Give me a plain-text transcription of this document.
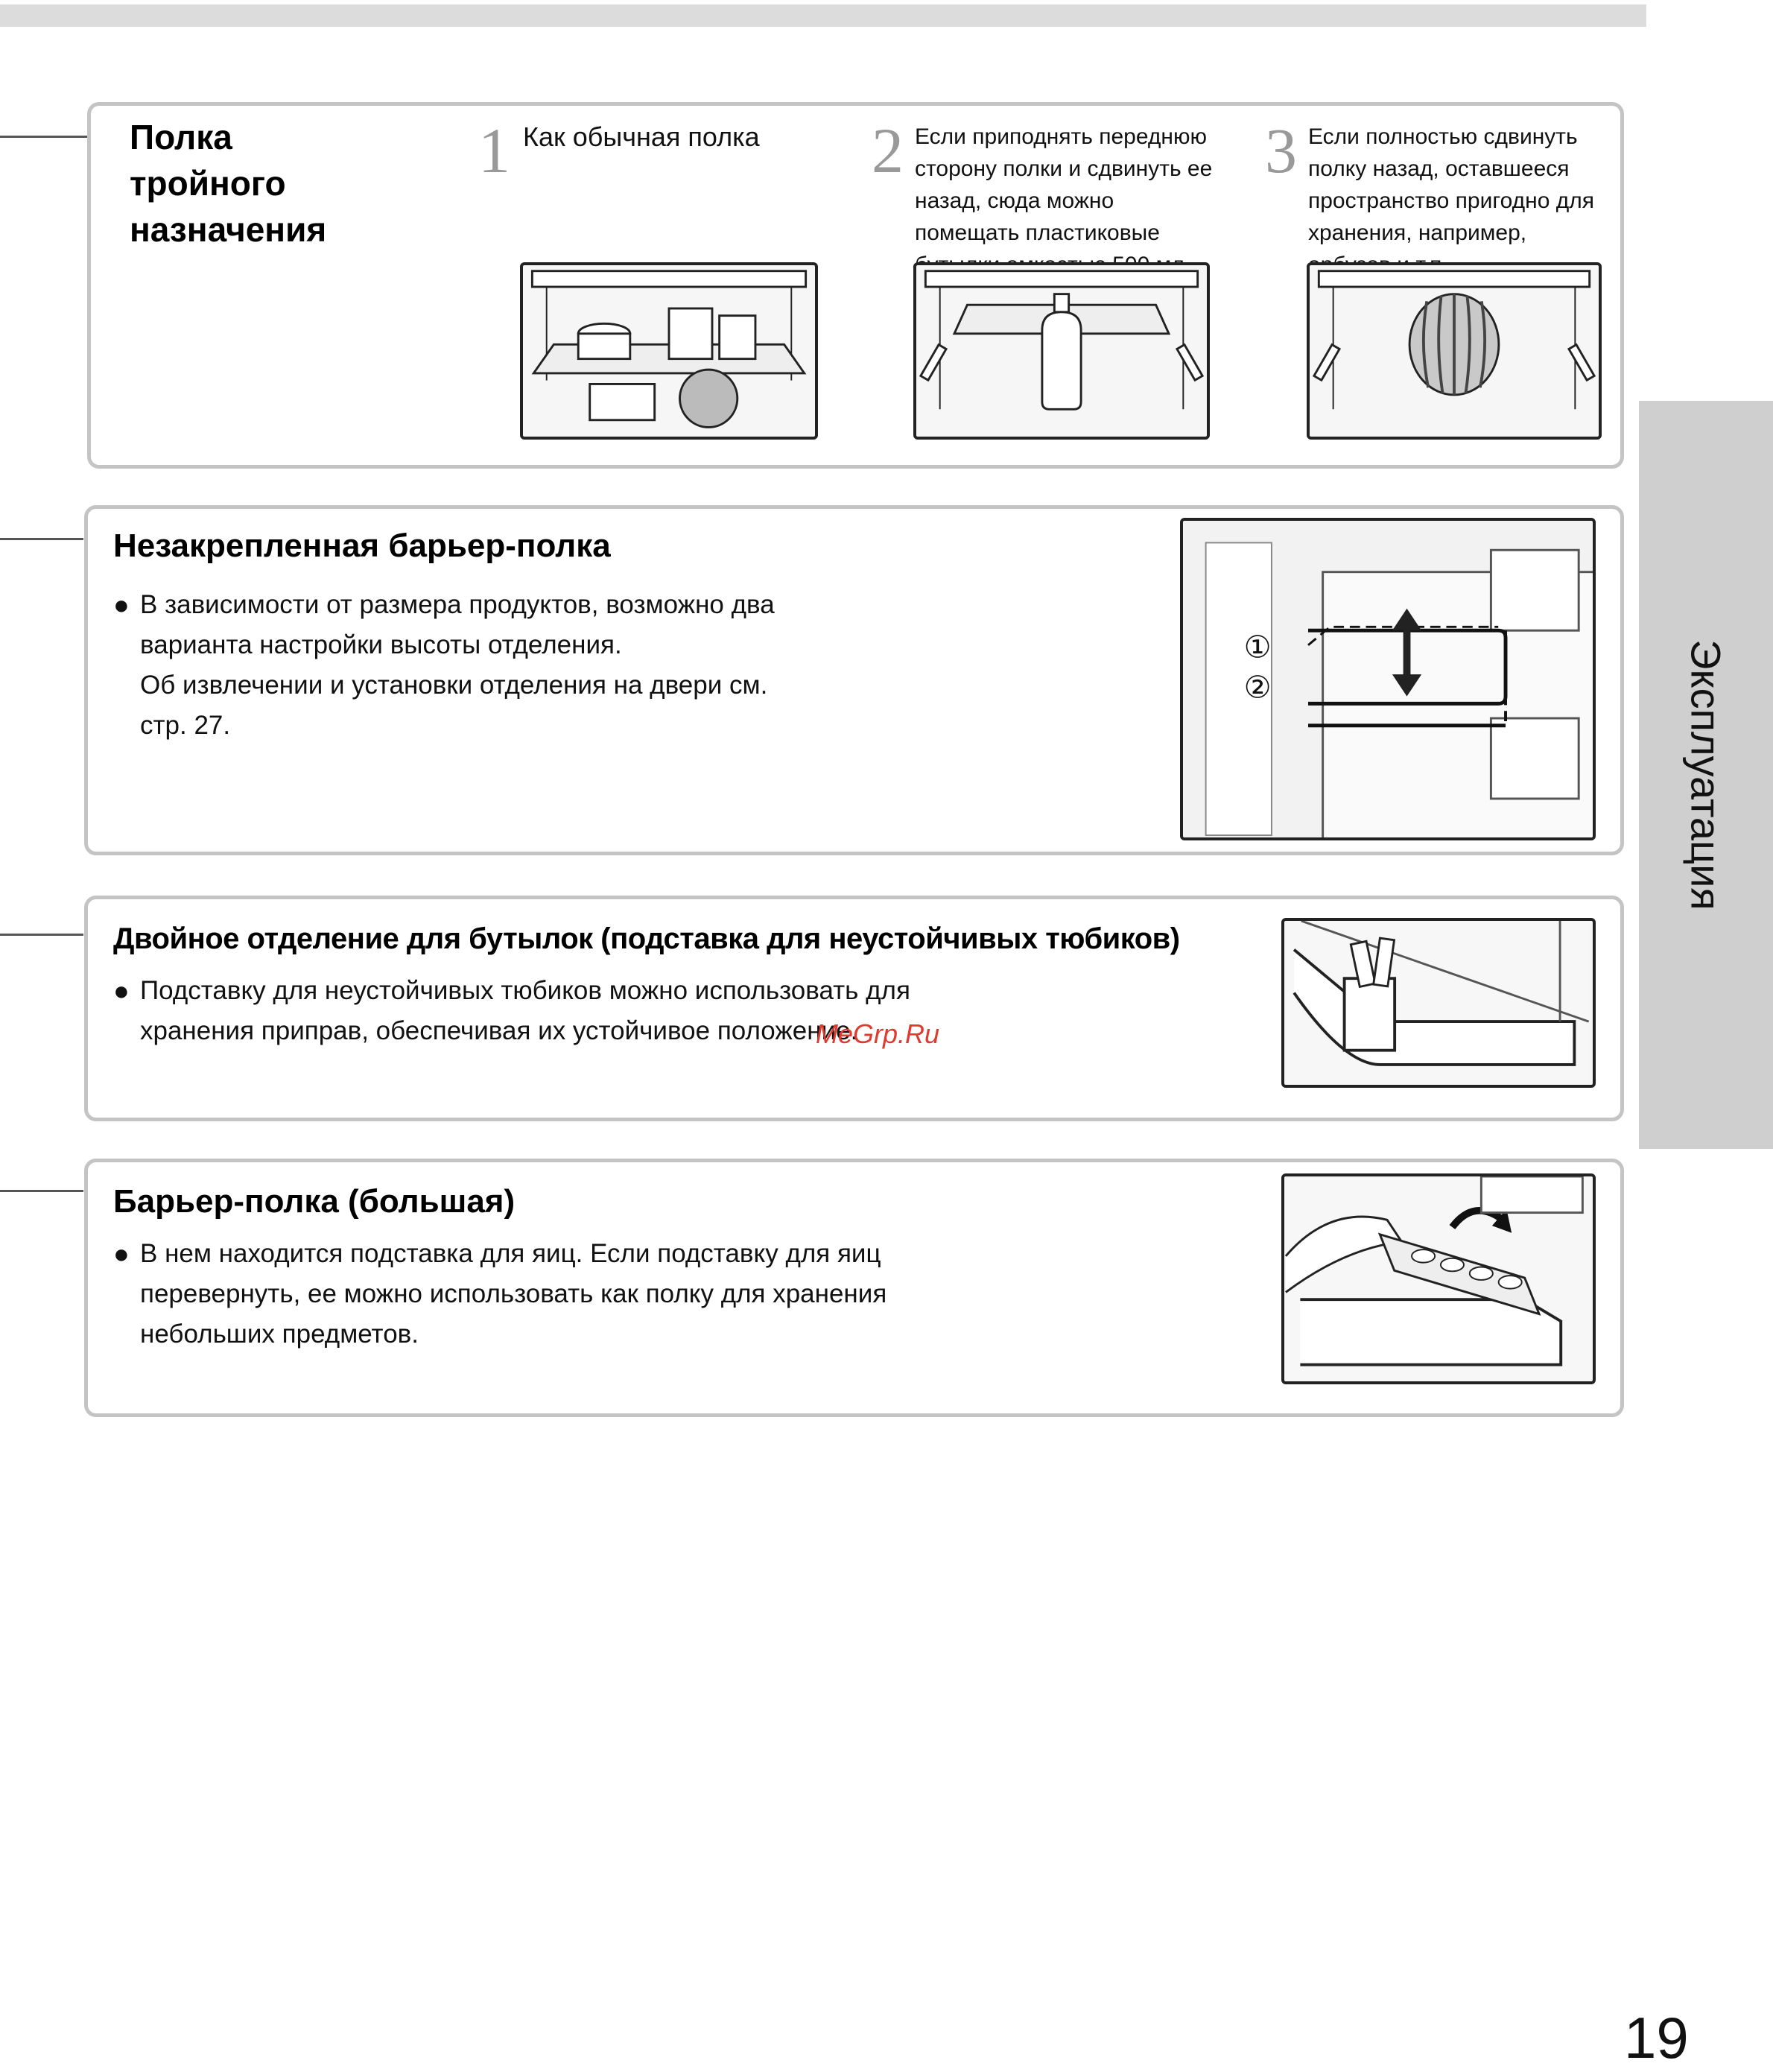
Эксплуатация
Полка
тройного
назначения
1 Как обычная полка	2 Если приподнять переднюю сторону полки и сдвинуть ее назад, сюда можно помещать пластиковые
3 Если полностью сдвинуть полку назад, оставшееся пространство пригодно для хранения, например,
Незакрепленная барьер-полка
● В зависимости от размера продуктов, возможно два варианта настройки высоты отделения.

Об извлечении и установки отделения на двери см. стр. 27.

①
②
Двойное отделение для бутылок (подставка для неустойчивых тюбиков)
● Подставку для неустойчивых тюбиков можно использовать для хранения приправ, обеспечивая их устойчивое положение.

MeGrp.Ru
Барьер-полка (большая)
● В нем находится подставка для яиц. Если подставку для яиц перевернуть, ее можно использовать как полку для хранения небольших предметов.

19
